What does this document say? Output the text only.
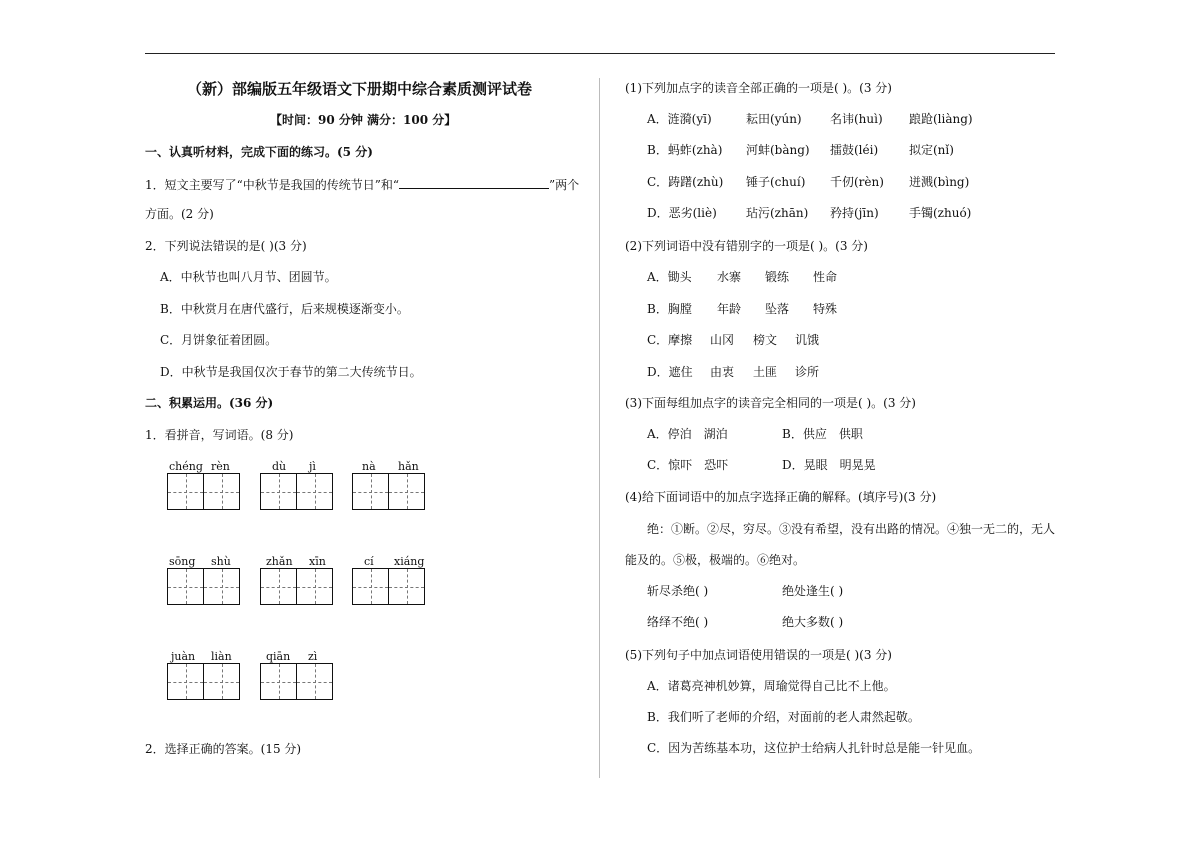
（新）部编版五年级语文下册期中综合素质测评试卷
【时间：90 分钟 满分：100 分】
一、认真听材料，完成下面的练习。(5 分)
1．短文主要写了“中秋节是我国的传统节日”和“	”两个
方面。(2 分)
2．下列说法错误的是( )(3 分)
A．中秋节也叫八月节、团圆节。
B．中秋赏月在唐代盛行，后来规模逐渐变小。
C．月饼象征着团圆。
D．中秋节是我国仅次于春节的第二大传统节日。
二、积累运用。(36 分)
1．看拼音，写词语。(8 分)
chéng rèn	dù jì	nà hǎn
sōng shù	zhǎn xīn	cí xiáng
juàn liàn	qiān zì
2．选择正确的答案。(15 分)
(1)下列加点字的读音全部正确的一项是( )。(3 分)
A．涟漪(yī)	耘田(yún) 名讳(huì) 踉跄(liàng)
B．蚂蚱(zhà) 河蚌(bàng) 擂鼓(léi)	拟定(nǐ)
C．踌躇(zhù) 锤子(chuí) 千仞(rèn) 迸溅(bìng)
D．恶劣(liè) 玷污(zhān) 矜持(jīn)	手镯(zhuó)
(2)下列词语中没有错别字的一项是( )。(3 分)
A．锄头 水寨 锻练 性命
B．胸膛 年龄 坠落 特殊
C．摩擦 山冈 榜文 讥饿
D．遮住 由衷 土匪 诊所
(3)下面每组加点字的读音完全相同的一项是( )。(3 分)
A．停泊　湖泊	B．供应　供职
C．惊吓　恐吓	D．晃眼　明晃晃
(4)给下面词语中的加点字选择正确的解释。(填序号)(3 分)
绝：①断。②尽，穷尽。③没有希望，没有出路的情况。④独一无二的，无人
能及的。⑤极，极端的。⑥绝对。
斩尽杀绝( )	绝处逢生( )
络绎不绝( )	绝大多数( )
(5)下列句子中加点词语使用错误的一项是( )(3 分)
A．诸葛亮神机妙算，周瑜觉得自己比不上他。
B．我们听了老师的介绍，对面前的老人肃然起敬。
C．因为苦练基本功，这位护士给病人扎针时总是能一针见血。
